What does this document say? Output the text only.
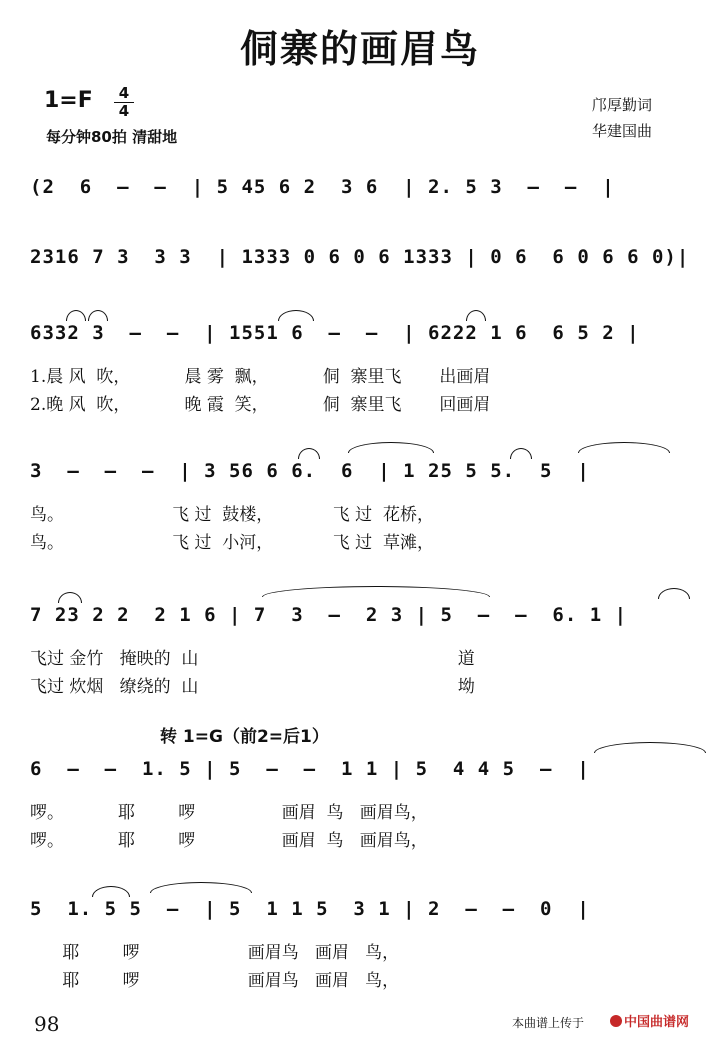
侗寨的画眉鸟
1=F	4
4
每分钟80拍 清甜地
邝厚勤词
华建国曲
(2  6  –  –  | 5 45 6 2  3 6  | 2. 5 3  –  –  |
2316 7 3  3 3  | 1333 0 6 0 6 1333 | 0 6  6 0 6 6 0)|
6332 3  –  –  | 1551 6  –  –  | 6222 1 6  6 5 2 |
1.晨 风  吹，          晨 雾  飘，          侗  寨里飞       出画眉
2.晚 风  吹，          晚 霞  笑，          侗  寨里飞       回画眉
3  –  –  –  | 3 56 6 6.  6  | 1 25 5 5.  5  |
鸟。                    飞 过  鼓楼，           飞 过  花桥，
鸟。                    飞 过  小河，           飞 过  草滩，
7 23 2 2  2 1 6 | 7  3  –  2 3 | 5  –  –  6. 1 |
飞过 金竹   掩映的  山                                                道
飞过 炊烟   缭绕的  山                                                坳
转 1=G（前2=后1）
6  –  –  1. 5 | 5  –  –  1 1 | 5  4 4 5  –  |
啰。          耶        啰                画眉  鸟   画眉鸟，
啰。          耶        啰                画眉  鸟   画眉鸟，
5  1. 5 5  –  | 5  1 1 5  3 1 | 2  –  –  0  |
耶        啰                    画眉鸟   画眉   鸟，
耶        啰                    画眉鸟   画眉   鸟，
98	本曲谱上传于	中国曲谱网
